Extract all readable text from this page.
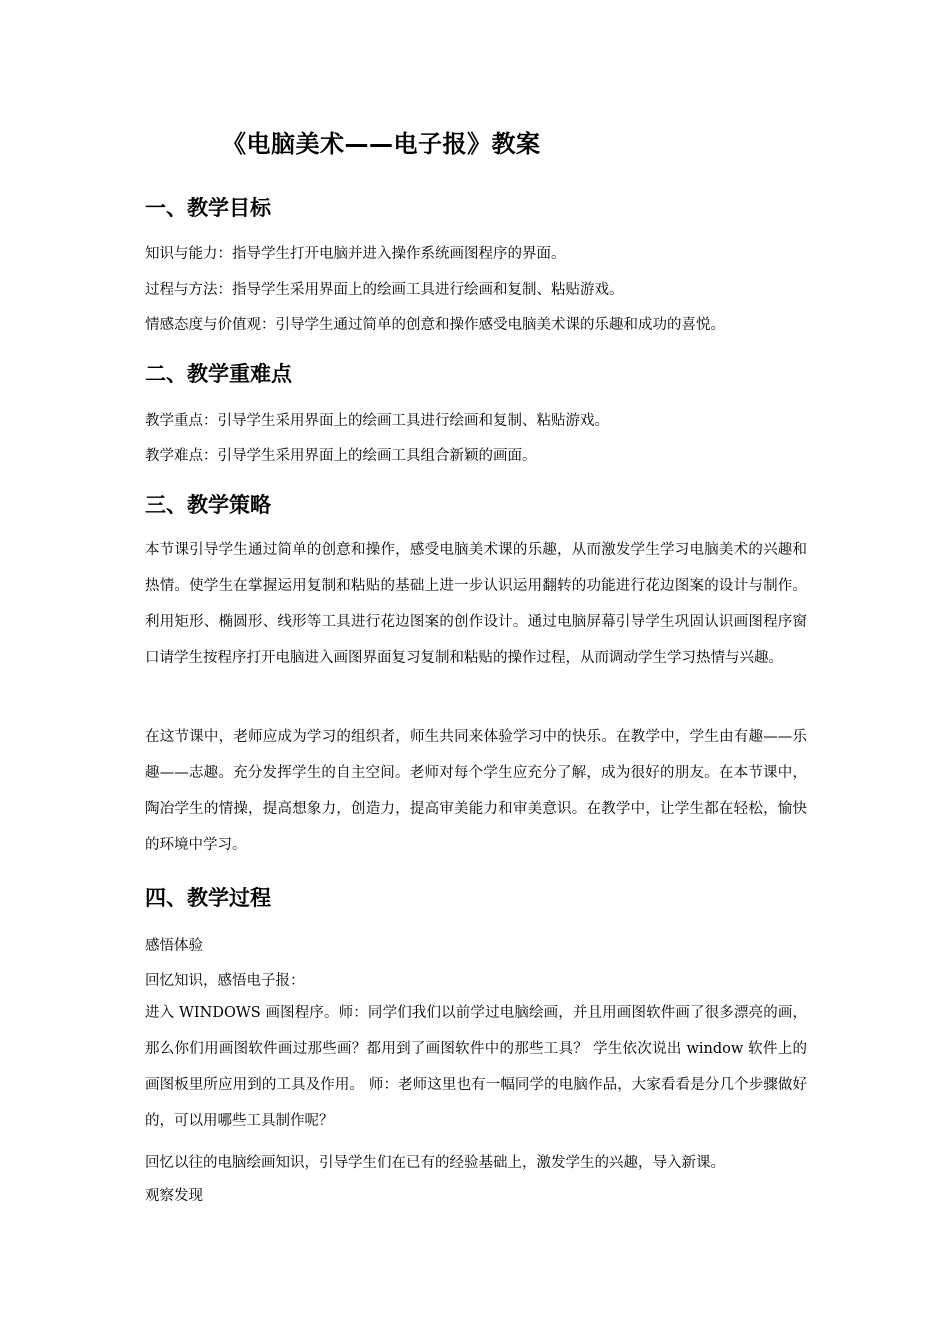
《电脑美术——电子报》教案
一、教学目标
知识与能力：指导学生打开电脑并进入操作系统画图程序的界面。
过程与方法：指导学生采用界面上的绘画工具进行绘画和复制、粘贴游戏。
情感态度与价值观：引导学生通过简单的创意和操作感受电脑美术课的乐趣和成功的喜悦。
二、教学重难点
教学重点：引导学生采用界面上的绘画工具进行绘画和复制、粘贴游戏。
教学难点：引导学生采用界面上的绘画工具组合新颖的画面。
三、教学策略
本节课引导学生通过简单的创意和操作，感受电脑美术课的乐趣，从而激发学生学习电脑美术的兴趣和热情。使学生在掌握运用复制和粘贴的基础上进一步认识运用翻转的功能进行花边图案的设计与制作。利用矩形、椭圆形、线形等工具进行花边图案的创作设计。通过电脑屏幕引导学生巩固认识画图程序窗口请学生按程序打开电脑进入画图界面复习复制和粘贴的操作过程，从而调动学生学习热情与兴趣。
在这节课中，老师应成为学习的组织者，师生共同来体验学习中的快乐。在教学中，学生由有趣——乐趣——志趣。充分发挥学生的自主空间。老师对每个学生应充分了解，成为很好的朋友。在本节课中，陶冶学生的情操，提高想象力，创造力，提高审美能力和审美意识。在教学中，让学生都在轻松，愉快的环境中学习。
四、教学过程
感悟体验
回忆知识，感悟电子报：
进入 WINDOWS 画图程序。师：同学们我们以前学过电脑绘画，并且用画图软件画了很多漂亮的画，那么你们用画图软件画过那些画？都用到了画图软件中的那些工具？ 学生依次说出 window 软件上的画图板里所应用到的工具及作用。 师：老师这里也有一幅同学的电脑作品，大家看看是分几个步骤做好的，可以用哪些工具制作呢？
回忆以往的电脑绘画知识，引导学生们在已有的经验基础上，激发学生的兴趣，导入新课。
观察发现
